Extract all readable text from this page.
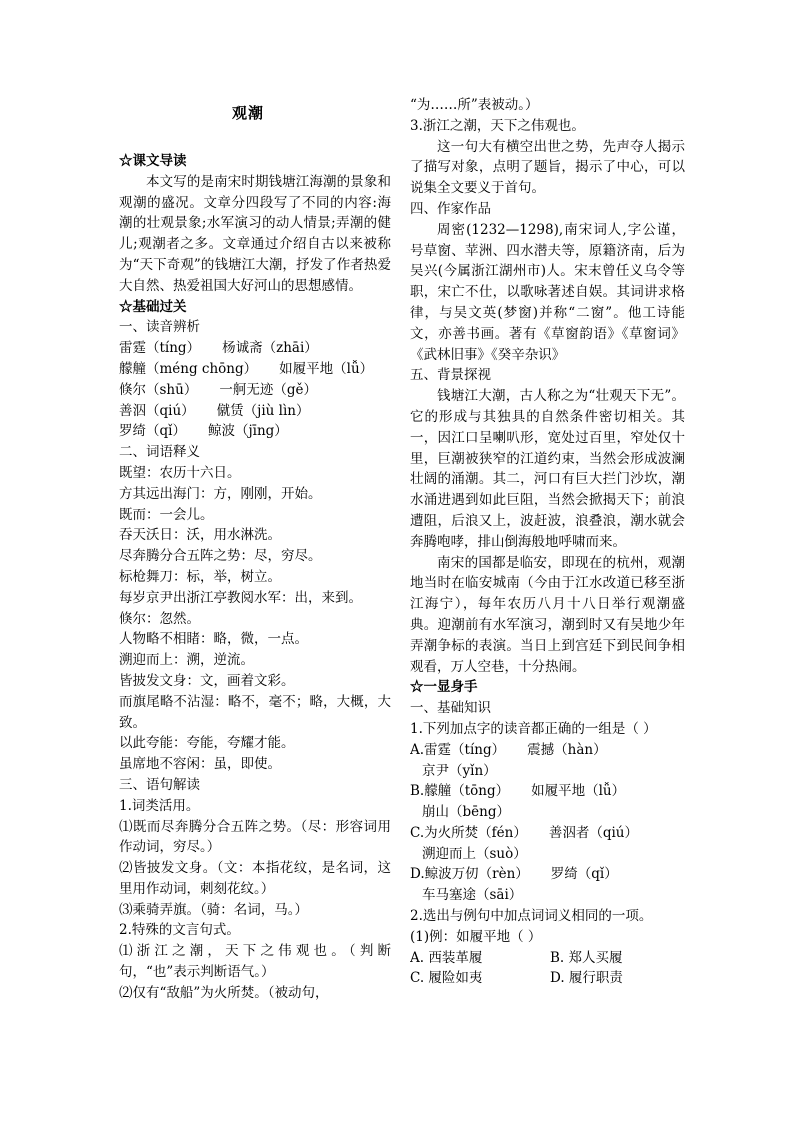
观潮
☆课文导读
本文写的是南宋时期钱塘江海潮的景象和观潮的盛况。文章分四段写了不同的内容:海潮的壮观景象;水军演习的动人情景;弄潮的健儿;观潮者之多。文章通过介绍自古以来被称为“天下奇观”的钱塘江大潮，抒发了作者热爱大自然、热爱祖国大好河山的思想感情。
☆基础过关
一、读音辨析
雷霆（tíng） 杨诚斋（zhāi）
艨艟（méng chōng） 如履平地（lǚ）
倏尔（shū） 一舸无迹（gě）
善泅（qiú） 僦赁（jiù lìn）
罗绮（qǐ） 鲸波（jīng）
二、词语释义
既望：农历十六日。
方其远出海门：方，刚刚，开始。
既而：一会儿。
吞天沃日：沃，用水淋洗。
尽奔腾分合五阵之势：尽，穷尽。
标枪舞刀：标，举，树立。
每岁京尹出浙江亭教阅水军：出，来到。
倏尔：忽然。
人物略不相睹：略，微，一点。
溯迎而上：溯，逆流。
皆披发文身：文，画着文彩。
而旗尾略不沾湿：略不，毫不；略，大概，大致。
以此夸能：夸能，夸耀才能。
虽席地不容闲：虽，即使。
三、语句解读
1.词类活用。
⑴既而尽奔腾分合五阵之势。（尽：形容词用作动词，穷尽。）
⑵皆披发文身。（文：本指花纹，是名词，这里用作动词，刺刻花纹。）
⑶乘骑弄旗。（骑：名词，马。）
2.特殊的文言句式。
⑴浙江之潮，天下之伟观也。（判断句，“也”表示判断语气。）
⑵仅有“敌船”为火所焚。（被动句，
“为……所”表被动。）
3.浙江之潮，天下之伟观也。
这一句大有横空出世之势，先声夺人揭示了描写对象，点明了题旨，揭示了中心，可以说集全文要义于首句。
四、作家作品
周密(1232—1298),南宋词人,字公谨，号草窗、苹洲、四水潜夫等，原籍济南，后为吴兴(今属浙江湖州市)人。宋末曾任义乌令等职，宋亡不仕，以歌咏著述自娱。其词讲求格律，与吴文英(梦窗)并称“二窗”。他工诗能文，亦善书画。著有《草窗韵语》《草窗词》《武林旧事》《癸辛杂识》
五、背景探视
钱塘江大潮，古人称之为“壮观天下无”。它的形成与其独具的自然条件密切相关。其一，因江口呈喇叭形，宽处过百里，窄处仅十里，巨潮被狭窄的江道约束，当然会形成波澜壮阔的涌潮。其二，河口有巨大拦门沙坎，潮水涌进遇到如此巨阻，当然会掀揭天下；前浪遭阻，后浪又上，波赶波，浪叠浪，潮水就会奔腾咆哮，排山倒海般地呼啸而来。
南宋的国都是临安，即现在的杭州，观潮地当时在临安城南（今由于江水改道已移至浙江海宁），每年农历八月十八日举行观潮盛典。迎潮前有水军演习，潮到时又有吴地少年弄潮争标的表演。当日上到宫廷下到民间争相观看，万人空巷，十分热闹。
☆一显身手
一、基础知识
1.下列加点字的读音都正确的一组是（ ）
A.雷霆（tíng） 震撼（hàn）
京尹（yǐn）
B.艨艟（tōng） 如履平地（lǚ）
崩山（bēng）
C.为火所焚（fén） 善泅者（qiú）
溯迎而上（suò）
D.鲸波万仞（rèn） 罗绮（qǐ）
车马塞途（sāi）
2.选出与例句中加点词词义相同的一项。
(1)例：如履平地（ ）
A. 西装革履	B. 郑人买履
C. 履险如夷	D. 履行职责
